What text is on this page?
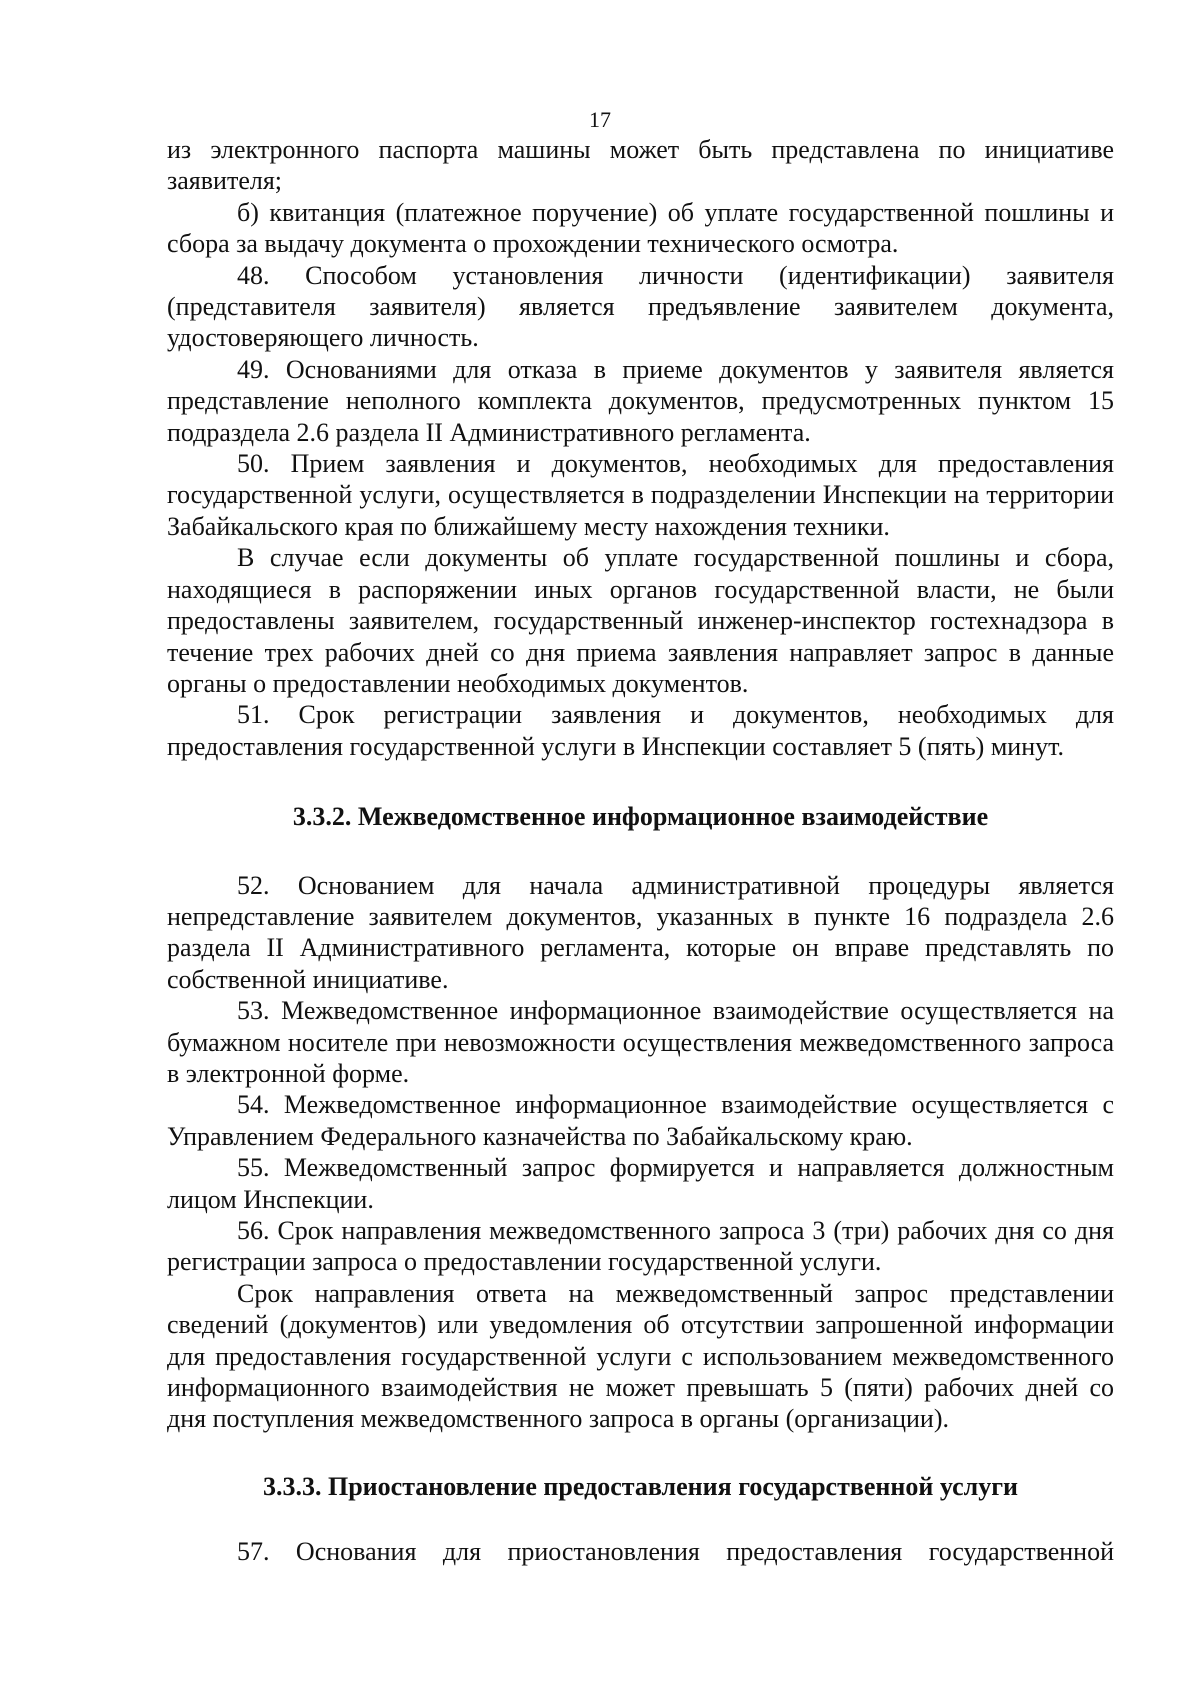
17

из электронного паспорта машины может быть представлена по инициативе заявителя;

б) квитанция (платежное поручение) об уплате государственной пошлины и сбора за выдачу документа о прохождении технического осмотра.

48. Способом установления личности (идентификации) заявителя (представителя заявителя) является предъявление заявителем документа, удостоверяющего личность.

49. Основаниями для отказа в приеме документов у заявителя является представление неполного комплекта документов, предусмотренных пунктом 15 подраздела 2.6 раздела II Административного регламента.

50. Прием заявления и документов, необходимых для предоставления государственной услуги, осуществляется в подразделении Инспекции на территории Забайкальского края по ближайшему месту нахождения техники.

В случае если документы об уплате государственной пошлины и сбора, находящиеся в распоряжении иных органов государственной власти, не были предоставлены заявителем, государственный инженер-инспектор гостехнадзора в течение трех рабочих дней со дня приема заявления направляет запрос в данные органы о предоставлении необходимых документов.

51. Срок регистрации заявления и документов, необходимых для предоставления государственной услуги в Инспекции составляет 5 (пять) минут.

3.3.2. Межведомственное информационное взаимодействие

52. Основанием для начала административной процедуры является непредставление заявителем документов, указанных в пункте 16 подраздела 2.6 раздела II Административного регламента, которые он вправе представлять по собственной инициативе.

53. Межведомственное информационное взаимодействие осуществляется на бумажном носителе при невозможности осуществления межведомственного запроса в электронной форме.

54. Межведомственное информационное взаимодействие осуществляется с Управлением Федерального казначейства по Забайкальскому краю.

55. Межведомственный запрос формируется и направляется должностным лицом Инспекции.

56. Срок направления межведомственного запроса 3 (три) рабочих дня со дня регистрации запроса о предоставлении государственной услуги.

Срок направления ответа на межведомственный запрос представлении сведений (документов) или уведомления об отсутствии запрошенной информации для предоставления государственной услуги с использованием межведомственного информационного взаимодействия не может превышать 5 (пяти) рабочих дней со дня поступления межведомственного запроса в органы (организации).

3.3.3. Приостановление предоставления государственной услуги

57. Основания для приостановления предоставления государственной
